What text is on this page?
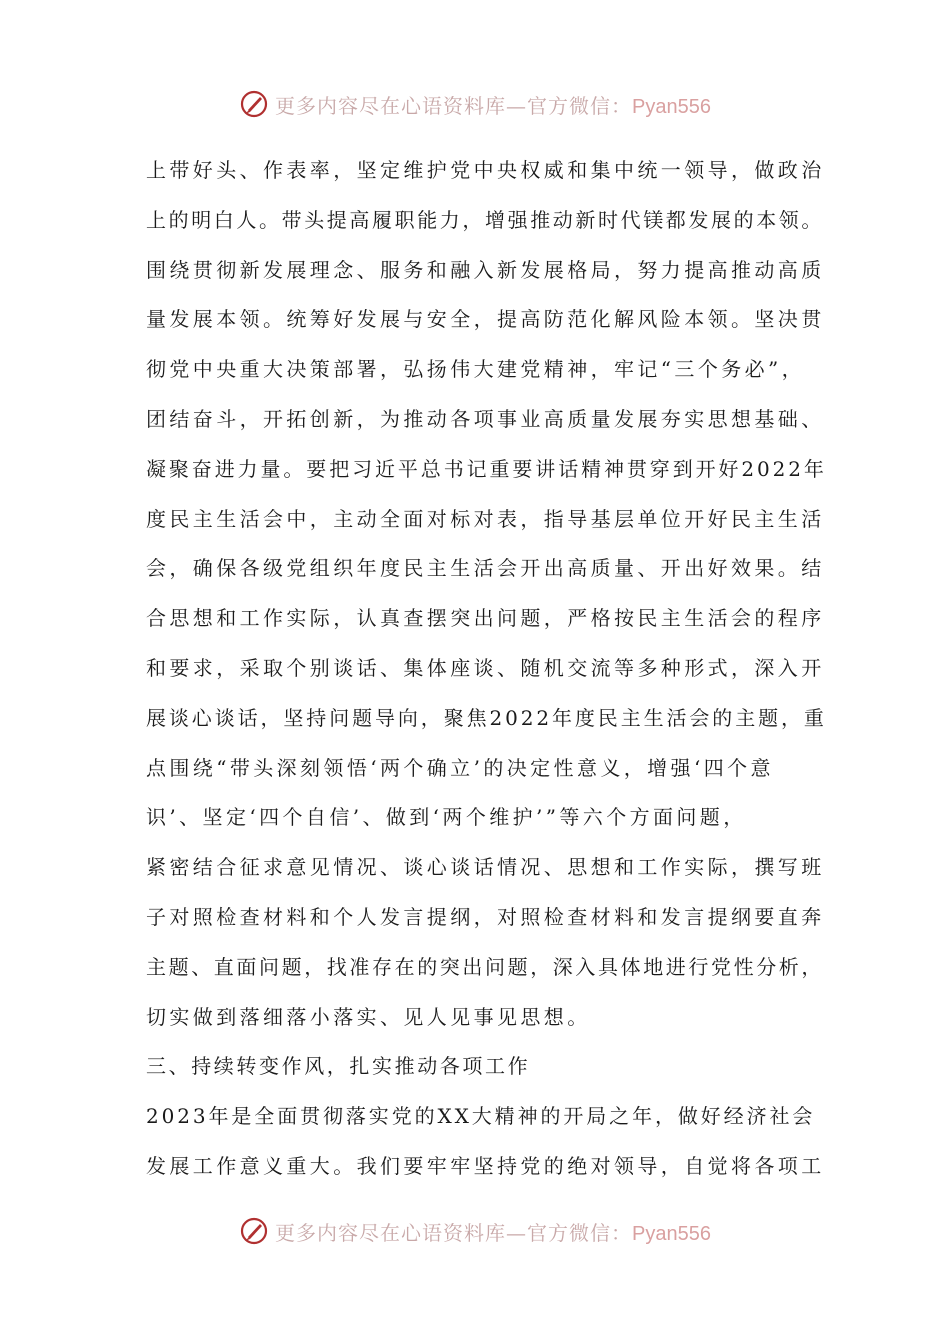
更多内容尽在心语资料库—官方微信：Pyan556
上带好头、作表率，坚定维护党中央权威和集中统一领导，做政治
上的明白人。带头提高履职能力，增强推动新时代镁都发展的本领。
围绕贯彻新发展理念、服务和融入新发展格局，努力提高推动高质
量发展本领。统筹好发展与安全，提高防范化解风险本领。坚决贯
彻党中央重大决策部署，弘扬伟大建党精神，牢记“三个务必”，
团结奋斗，开拓创新，为推动各项事业高质量发展夯实思想基础、
凝聚奋进力量。要把习近平总书记重要讲话精神贯穿到开好2022年
度民主生活会中，主动全面对标对表，指导基层单位开好民主生活
会，确保各级党组织年度民主生活会开出高质量、开出好效果。结
合思想和工作实际，认真查摆突出问题，严格按民主生活会的程序
和要求，采取个别谈话、集体座谈、随机交流等多种形式，深入开
展谈心谈话，坚持问题导向，聚焦2022年度民主生活会的主题，重
点围绕“带头深刻领悟‘两个确立’的决定性意义，增强‘四个意
识’、坚定‘四个自信’、做到‘两个维护’”等六个方面问题，
紧密结合征求意见情况、谈心谈话情况、思想和工作实际，撰写班
子对照检查材料和个人发言提纲，对照检查材料和发言提纲要直奔
主题、直面问题，找准存在的突出问题，深入具体地进行党性分析，
切实做到落细落小落实、见人见事见思想。
三、持续转变作风，扎实推动各项工作
2023年是全面贯彻落实党的XX大精神的开局之年，做好经济社会
发展工作意义重大。我们要牢牢坚持党的绝对领导，自觉将各项工
更多内容尽在心语资料库—官方微信：Pyan556
